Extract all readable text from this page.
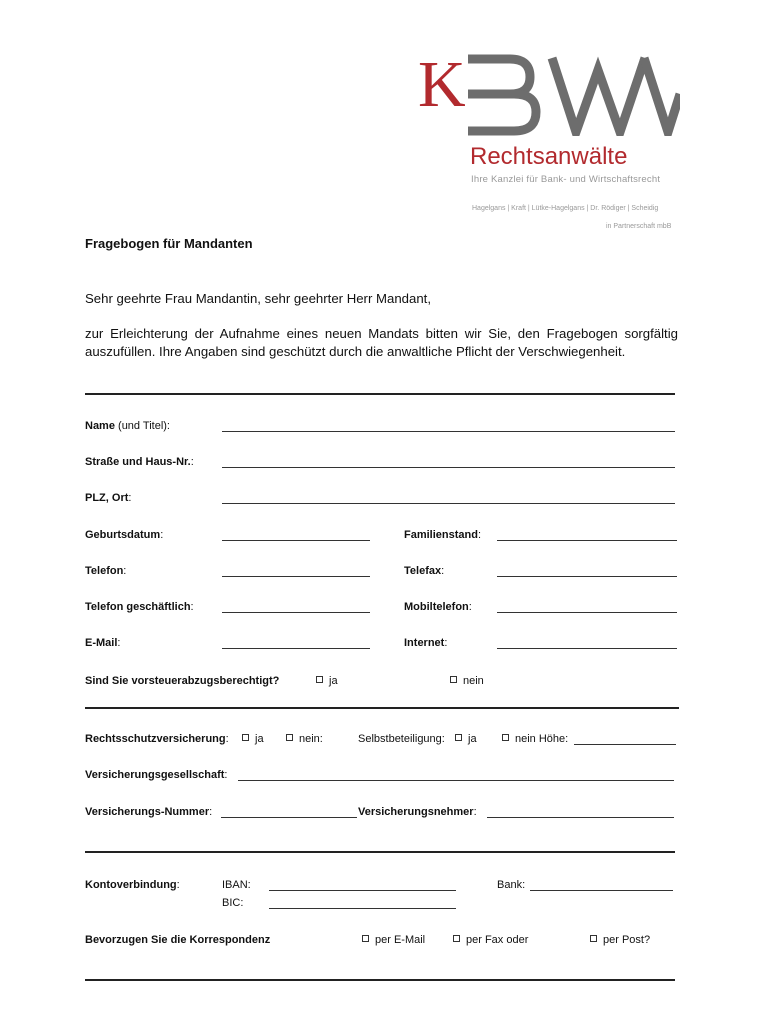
K
Rechtsanwälte
Ihre Kanzlei für Bank- und Wirtschaftsrecht
Hagelgans | Kraft | Lütke-Hagelgans | Dr. Rödiger | Scheidig
in Partnerschaft mbB
Fragebogen für Mandanten
Sehr geehrte Frau Mandantin, sehr geehrter Herr Mandant,
zur Erleichterung der Aufnahme eines neuen Mandats bitten wir Sie, den Fragebogen sorgfältig auszufüllen. Ihre Angaben sind geschützt durch die anwaltliche Pflicht der Verschwiegenheit.
Name (und Titel):
Straße und Haus-Nr.:
PLZ, Ort:
Geburtsdatum:	Familienstand:
Telefon:	Telefax:
Telefon geschäftlich:	Mobiltelefon:
E-Mail:	Internet:
Sind Sie vorsteuerabzugsberechtigt?	ja	nein
Rechtsschutzversicherung:	ja	nein:	Selbstbeteiligung:	ja	nein Höhe:
Versicherungsgesellschaft:
Versicherungs-Nummer:	Versicherungsnehmer:
Kontoverbindung:	IBAN:	Bank:
BIC:
Bevorzugen Sie die Korrespondenz	per E-Mail	per Fax oder	per Post?
